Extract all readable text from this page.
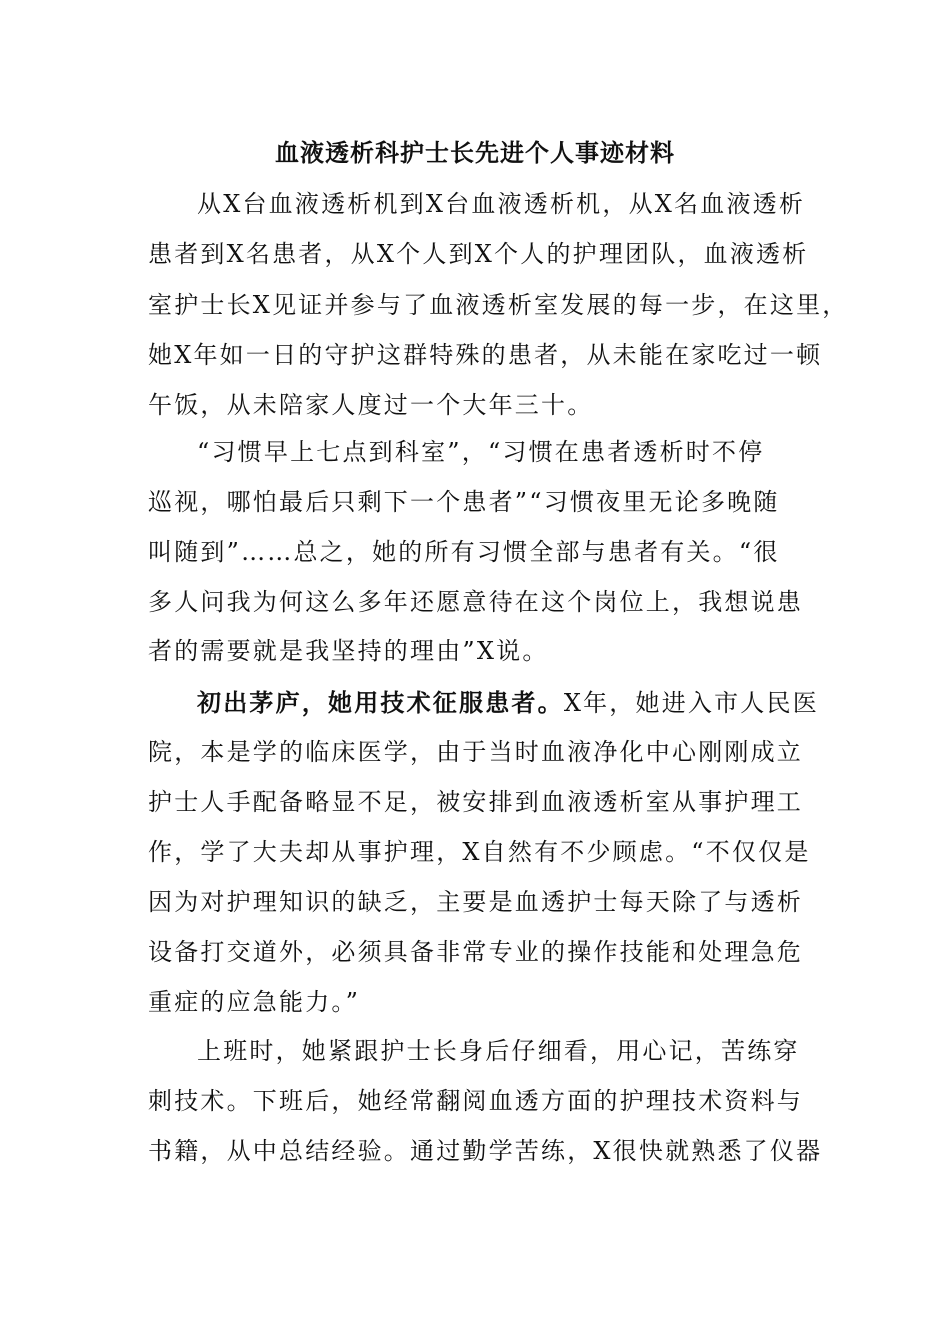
血液透析科护士长先进个人事迹材料
从X台血液透析机到X台血液透析机，从X名血液透析
患者到X名患者，从X个人到X个人的护理团队，血液透析
室护士长X见证并参与了血液透析室发展的每一步，在这里，
她X年如一日的守护这群特殊的患者，从未能在家吃过一顿
午饭，从未陪家人度过一个大年三十。
“习惯早上七点到科室”，“习惯在患者透析时不停
巡视，哪怕最后只剩下一个患者”“习惯夜里无论多晚随
叫随到”……总之，她的所有习惯全部与患者有关。“很
多人问我为何这么多年还愿意待在这个岗位上，我想说患
者的需要就是我坚持的理由”X说。
初出茅庐，她用技术征服患者。X年，她进入市人民医
院，本是学的临床医学，由于当时血液净化中心刚刚成立
护士人手配备略显不足，被安排到血液透析室从事护理工
作，学了大夫却从事护理，X自然有不少顾虑。“不仅仅是
因为对护理知识的缺乏，主要是血透护士每天除了与透析
设备打交道外，必须具备非常专业的操作技能和处理急危
重症的应急能力。”
上班时，她紧跟护士长身后仔细看，用心记，苦练穿
刺技术。下班后，她经常翻阅血透方面的护理技术资料与
书籍，从中总结经验。通过勤学苦练，X很快就熟悉了仪器
